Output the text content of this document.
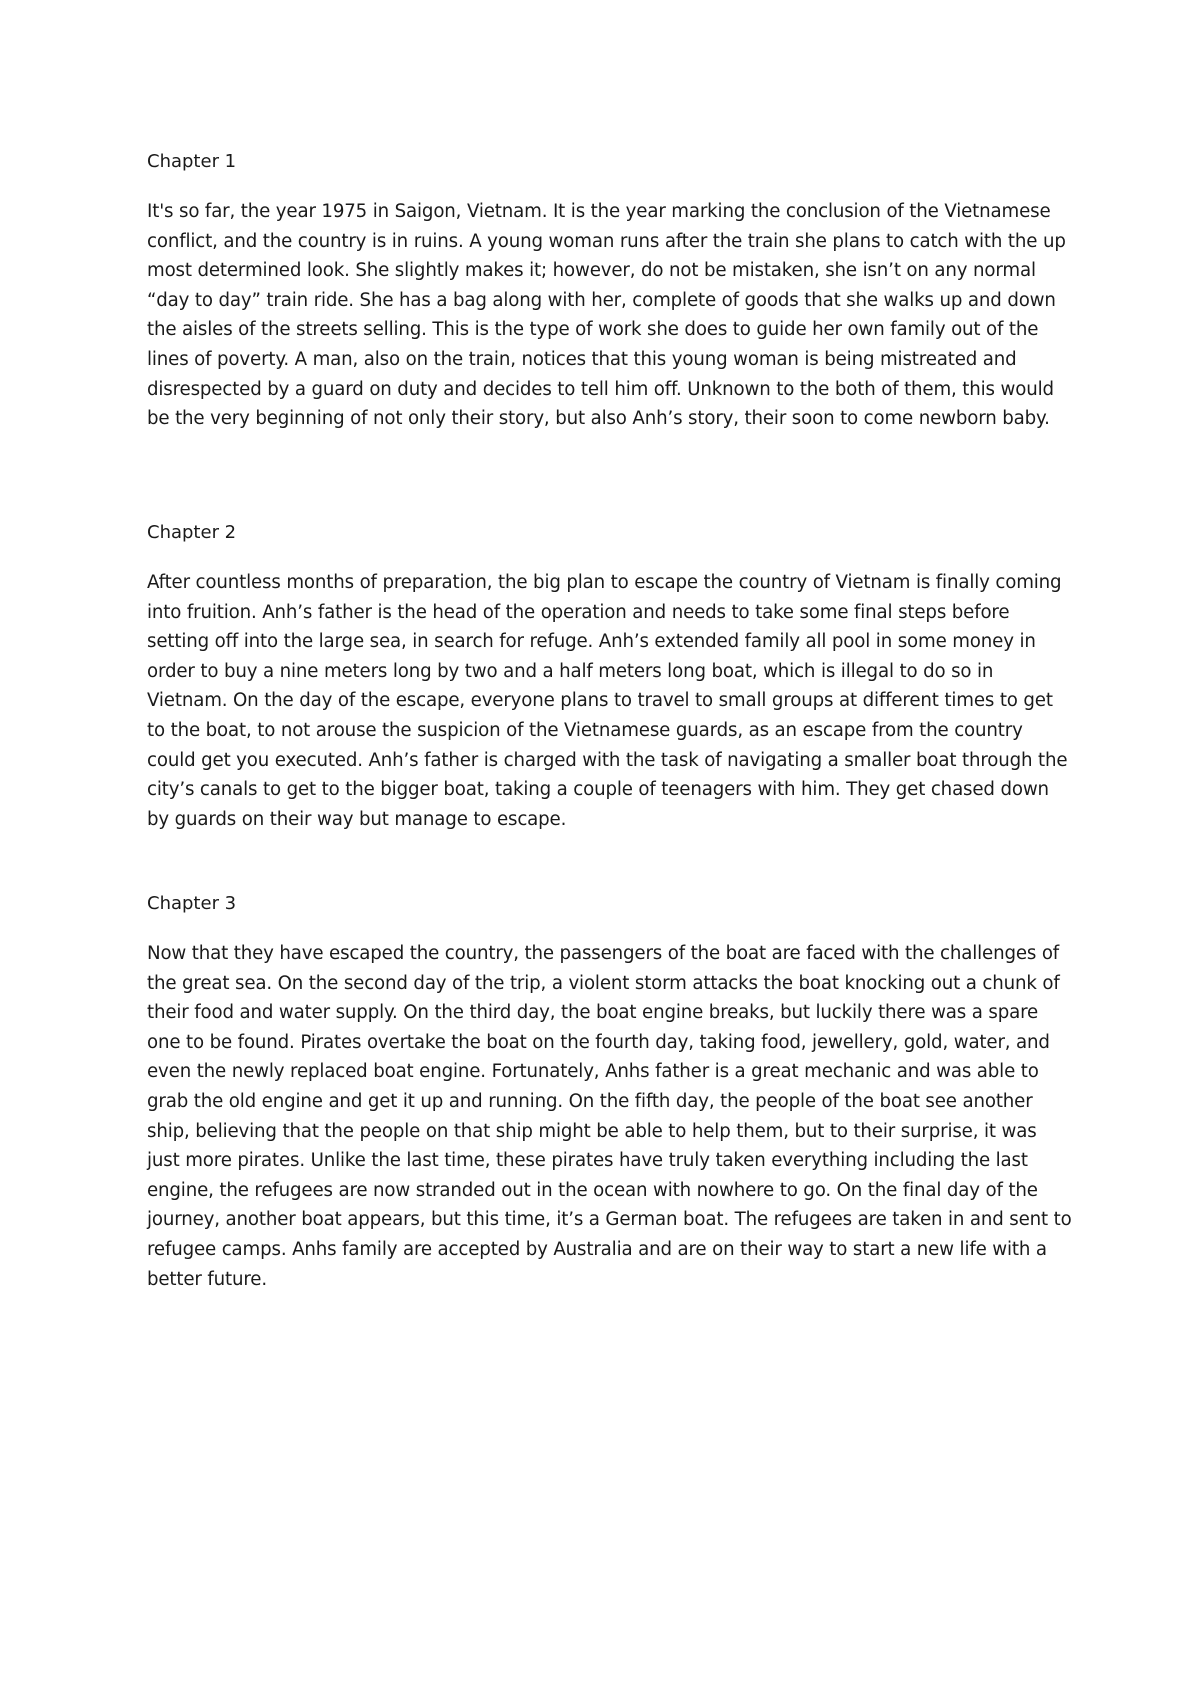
Chapter 1

It's so far, the year 1975 in Saigon, Vietnam. It is the year marking the conclusion of the Vietnamese conflict, and the country is in ruins. A young woman runs after the train she plans to catch with the up most determined look. She slightly makes it; however, do not be mistaken, she isn’t on any normal “day to day” train ride. She has a bag along with her, complete of goods that she walks up and down the aisles of the streets selling. This is the type of work she does to guide her own family out of the lines of poverty. A man, also on the train, notices that this young woman is being mistreated and disrespected by a guard on duty and decides to tell him off. Unknown to the both of them, this would be the very beginning of not only their story, but also Anh’s story, their soon to come newborn baby.

Chapter 2

After countless months of preparation, the big plan to escape the country of Vietnam is finally coming into fruition. Anh’s father is the head of the operation and needs to take some final steps before setting off into the large sea, in search for refuge. Anh’s extended family all pool in some money in order to buy a nine meters long by two and a half meters long boat, which is illegal to do so in Vietnam. On the day of the escape, everyone plans to travel to small groups at different times to get to the boat, to not arouse the suspicion of the Vietnamese guards, as an escape from the country could get you executed. Anh’s father is charged with the task of navigating a smaller boat through the city’s canals to get to the bigger boat, taking a couple of teenagers with him. They get chased down by guards on their way but manage to escape.

Chapter 3

Now that they have escaped the country, the passengers of the boat are faced with the challenges of the great sea. On the second day of the trip, a violent storm attacks the boat knocking out a chunk of their food and water supply. On the third day, the boat engine breaks, but luckily there was a spare one to be found. Pirates overtake the boat on the fourth day, taking food, jewellery, gold, water, and even the newly replaced boat engine. Fortunately, Anhs father is a great mechanic and was able to grab the old engine and get it up and running. On the fifth day, the people of the boat see another ship, believing that the people on that ship might be able to help them, but to their surprise, it was just more pirates. Unlike the last time, these pirates have truly taken everything including the last engine, the refugees are now stranded out in the ocean with nowhere to go. On the final day of the journey, another boat appears, but this time, it’s a German boat. The refugees are taken in and sent to refugee camps. Anhs family are accepted by Australia and are on their way to start a new life with a better future.
